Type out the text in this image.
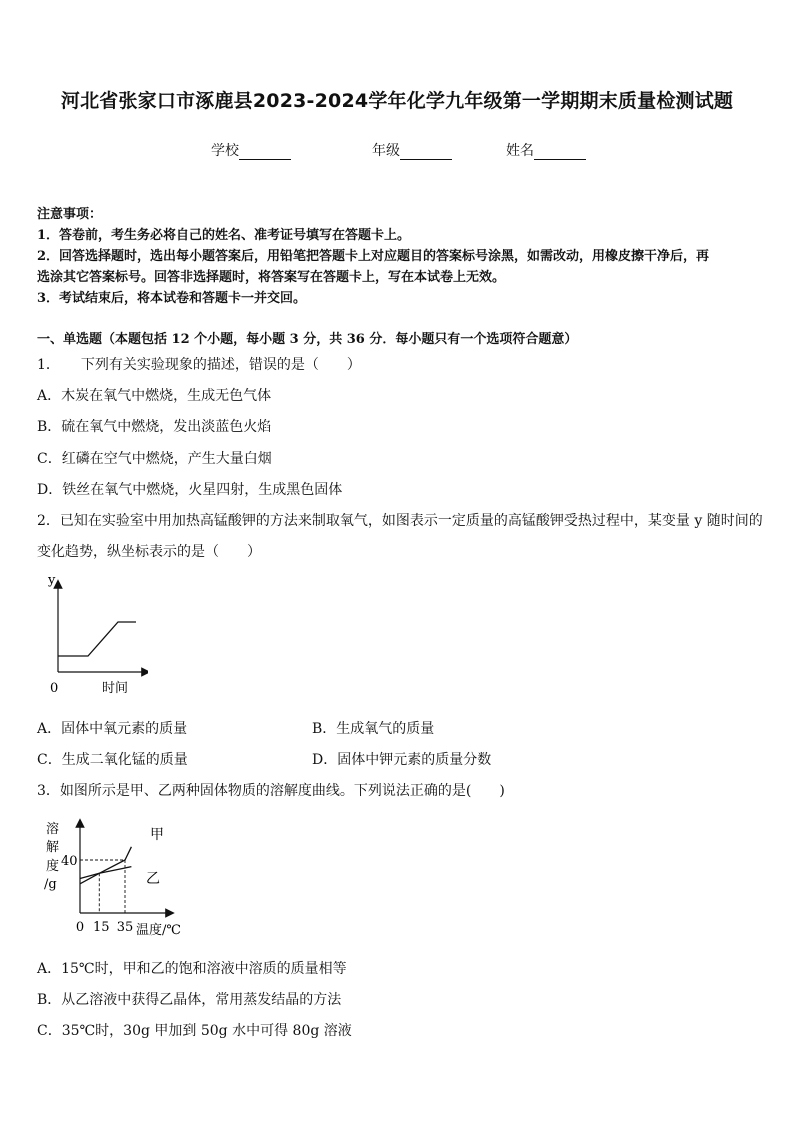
河北省张家口市涿鹿县2023-2024学年化学九年级第一学期期末质量检测试题
学校	年级	姓名
注意事项：
1．答卷前，考生务必将自己的姓名、准考证号填写在答题卡上。
2．回答选择题时，选出每小题答案后，用铅笔把答题卡上对应题目的答案标号涂黑，如需改动，用橡皮擦干净后，再
选涂其它答案标号。回答非选择题时，将答案写在答题卡上，写在本试卷上无效。
3．考试结束后，将本试卷和答题卡一并交回。
一、单选题（本题包括 12 个小题，每小题 3 分，共 36 分．每小题只有一个选项符合题意）
1．　　下列有关实验现象的描述，错误的是（　　）
A．木炭在氧气中燃烧，生成无色气体
B．硫在氧气中燃烧，发出淡蓝色火焰
C．红磷在空气中燃烧，产生大量白烟
D．铁丝在氧气中燃烧，火星四射，生成黑色固体
2．已知在实验室中用加热高锰酸钾的方法来制取氧气，如图表示一定质量的高锰酸钾受热过程中，某变量 y 随时间的
变化趋势，纵坐标表示的是（　　）
y
0	时间
A．固体中氧元素的质量	B．生成氧气的质量
C．生成二氧化锰的质量	D．固体中钾元素的质量分数
3．如图所示是甲、乙两种固体物质的溶解度曲线。下列说法正确的是(　　)
溶
解
度
/g
40
0 15 35 温度/℃
甲
乙
A．15℃时，甲和乙的饱和溶液中溶质的质量相等
B．从乙溶液中获得乙晶体，常用蒸发结晶的方法
C．35℃时，30g 甲加到 50g 水中可得 80g 溶液
